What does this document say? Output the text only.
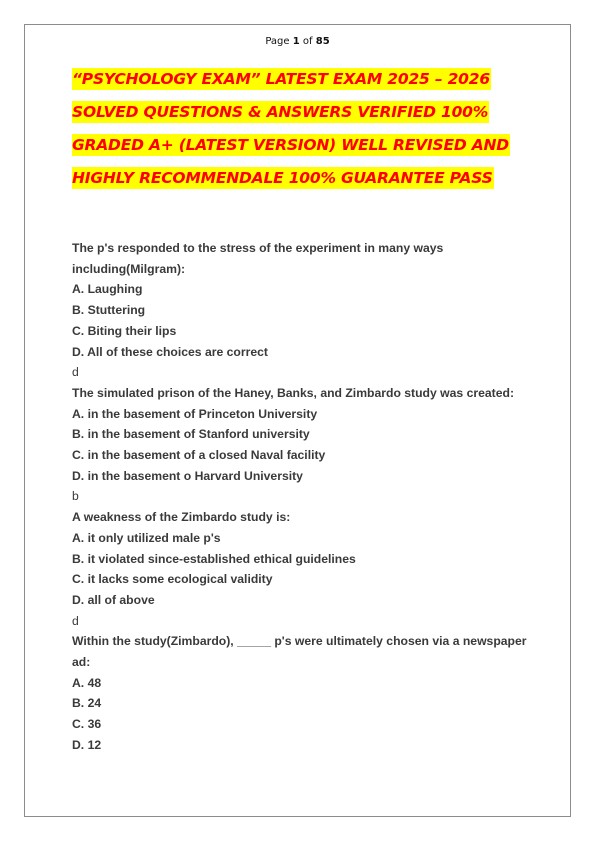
Page 1 of 85
“PSYCHOLOGY EXAM” LATEST EXAM 2025 – 2026
SOLVED QUESTIONS & ANSWERS VERIFIED 100%
GRADED A+ (LATEST VERSION) WELL REVISED AND
HIGHLY RECOMMENDALE 100% GUARANTEE PASS
The p's responded to the stress of the experiment in many ways
including(Milgram):
A. Laughing
B. Stuttering
C. Biting their lips
D. All of these choices are correct
d
The simulated prison of the Haney, Banks, and Zimbardo study was created:
A. in the basement of Princeton University
B. in the basement of Stanford university
C. in the basement of a closed Naval facility
D. in the basement o Harvard University
b
A weakness of the Zimbardo study is:
A. it only utilized male p's
B. it violated since-established ethical guidelines
C. it lacks some ecological validity
D. all of above
d
Within the study(Zimbardo), _____ p's were ultimately chosen via a newspaper
ad:
A. 48
B. 24
C. 36
D. 12
